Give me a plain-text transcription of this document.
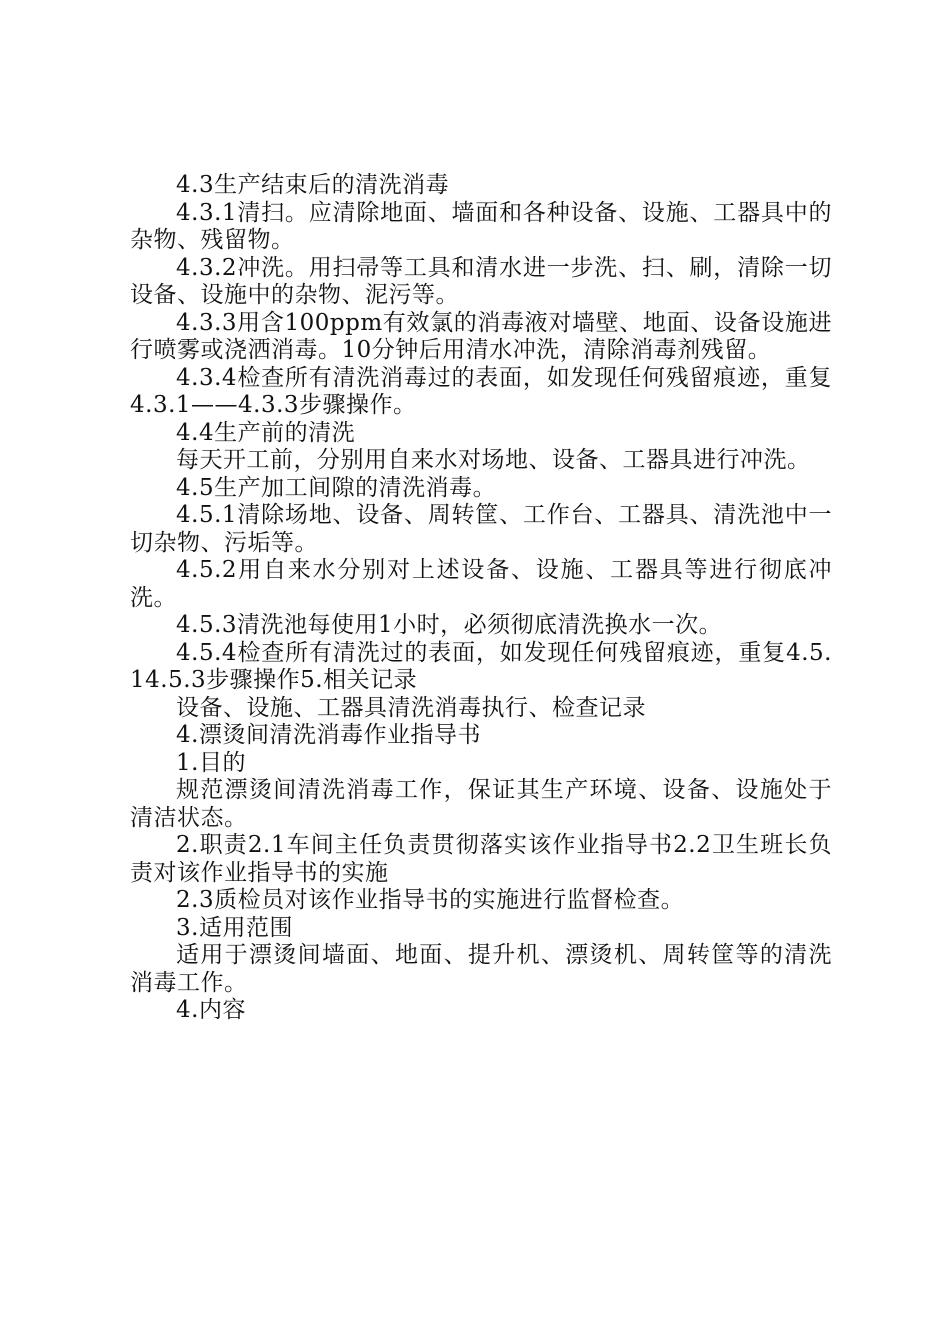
4.3生产结束后的清洗消毒

4.3.1清扫。应清除地面、墙面和各种设备、设施、工器具中的杂物、残留物。

4.3.2冲洗。用扫帚等工具和清水进一步洗、扫、刷，清除一切设备、设施中的杂物、泥污等。

4.3.3用含100ppm有效氯的消毒液对墙壁、地面、设备设施进行喷雾或浇洒消毒。10分钟后用清水冲洗，清除消毒剂残留。

4.3.4检查所有清洗消毒过的表面，如发现任何残留痕迹，重复4.3.1——4.3.3步骤操作。

4.4生产前的清洗

每天开工前，分别用自来水对场地、设备、工器具进行冲洗。

4.5生产加工间隙的清洗消毒。

4.5.1清除场地、设备、周转筐、工作台、工器具、清洗池中一切杂物、污垢等。

4.5.2用自来水分别对上述设备、设施、工器具等进行彻底冲洗。

4.5.3清洗池每使用1小时，必须彻底清洗换水一次。

4.5.4检查所有清洗过的表面，如发现任何残留痕迹，重复4.5.14.5.3步骤操作5.相关记录

设备、设施、工器具清洗消毒执行、检查记录

4.漂烫间清洗消毒作业指导书

1.目的

规范漂烫间清洗消毒工作，保证其生产环境、设备、设施处于清洁状态。

2.职责2.1车间主任负责贯彻落实该作业指导书2.2卫生班长负责对该作业指导书的实施

2.3质检员对该作业指导书的实施进行监督检查。

3.适用范围

适用于漂烫间墙面、地面、提升机、漂烫机、周转筐等的清洗消毒工作。

4.内容
